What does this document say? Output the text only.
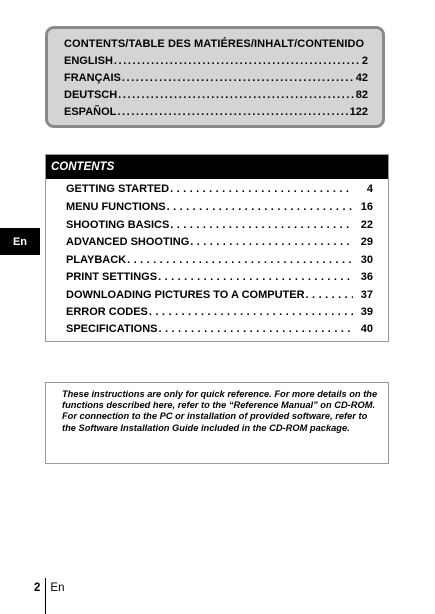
CONTENTS/TABLE DES MATIÉRES/INHALT/CONTENIDO
ENGLISH .....	2
FRANÇAIS .....	42
DEUTSCH .....	82
ESPAÑOL .....	122
En
CONTENTS
GETTING STARTED . . .	4
MENU FUNCTIONS . . .	16
SHOOTING BASICS . . .	22
ADVANCED SHOOTING . . .	29
PLAYBACK . . .	30
PRINT SETTINGS . . .	36
DOWNLOADING PICTURES TO A COMPUTER . . .	37
ERROR CODES . . .	39
SPECIFICATIONS . . .	40

These instructions are only for quick reference. For more details on the functions described here, refer to the “Reference Manual” on CD-ROM.

For connection to the PC or installation of provided software, refer to the Software Installation Guide included in the CD-ROM package.

2 En
